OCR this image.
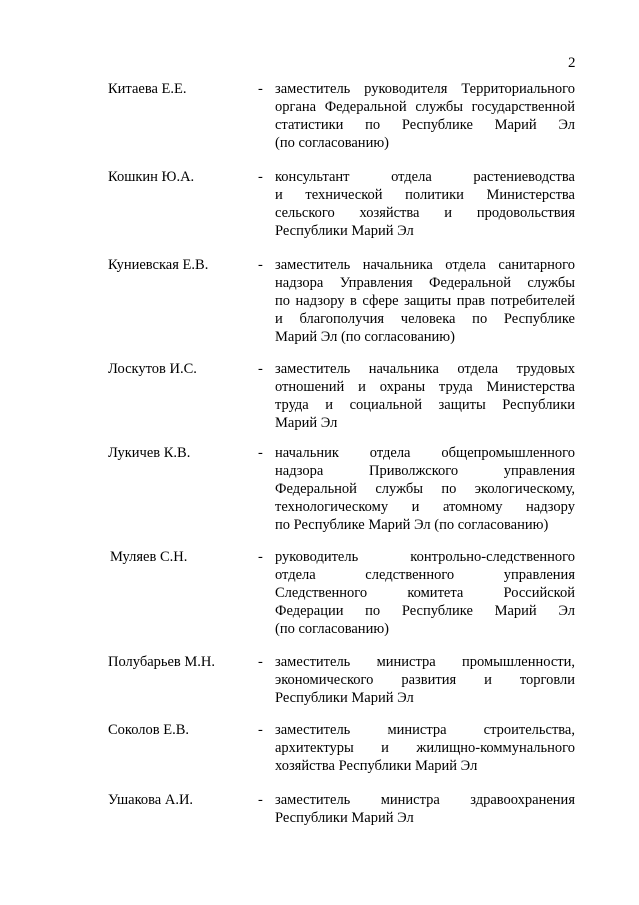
2
Китаева Е.Е.	- заместитель руководителя Территориального
органа Федеральной службы государственной
статистики по Республике Марий Эл
(по согласованию)
Кошкин Ю.А.	- консультант отдела растениеводства
и технической политики Министерства
сельского хозяйства и продовольствия
Республики Марий Эл
Куниевская Е.В.	- заместитель начальника отдела санитарного
надзора Управления Федеральной службы
по надзору в сфере защиты прав потребителей
и благополучия человека по Республике
Марий Эл (по согласованию)
Лоскутов И.С.	- заместитель начальника отдела трудовых
отношений и охраны труда Министерства
труда и социальной защиты Республики
Марий Эл
Лукичев К.В.	- начальник отдела общепромышленного
надзора Приволжского управления
Федеральной службы по экологическому,
технологическому и атомному надзору
по Республике Марий Эл (по согласованию)
Муляев С.Н.	- руководитель контрольно-следственного
отдела следственного управления
Следственного комитета Российской
Федерации по Республике Марий Эл
(по согласованию)
Полубарьев М.Н.	- заместитель министра промышленности,
экономического развития и торговли
Республики Марий Эл
Соколов Е.В.	- заместитель министра строительства,
архитектуры и жилищно-коммунального
хозяйства Республики Марий Эл
Ушакова А.И.	- заместитель министра здравоохранения
Республики Марий Эл
